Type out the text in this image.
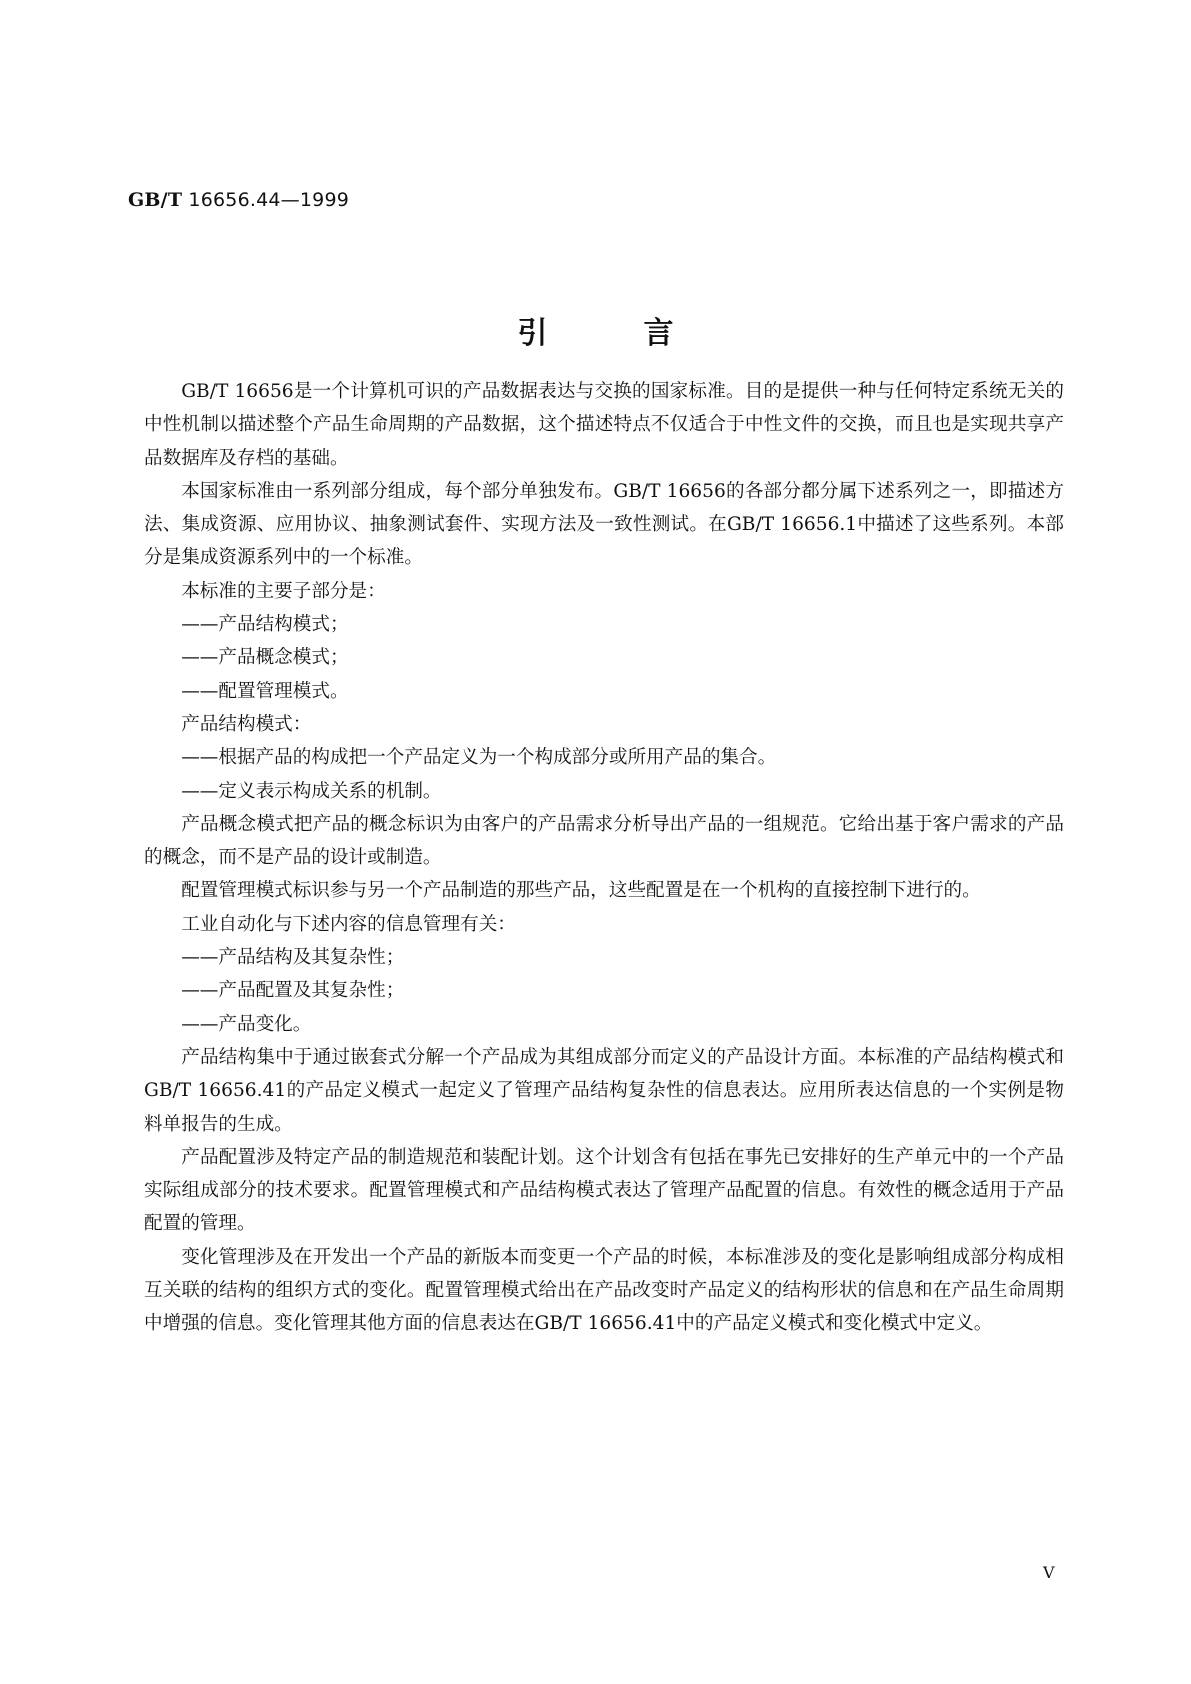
GB/T 16656.44—1999
引言

GB/T 16656是一个计算机可识的产品数据表达与交换的国家标准。目的是提供一种与任何特定系统无关的中性机制以描述整个产品生命周期的产品数据，这个描述特点不仅适合于中性文件的交换，而且也是实现共享产品数据库及存档的基础。

本国家标准由一系列部分组成，每个部分单独发布。GB/T 16656的各部分都分属下述系列之一，即描述方法、集成资源、应用协议、抽象测试套件、实现方法及一致性测试。在GB/T 16656.1中描述了这些系列。本部分是集成资源系列中的一个标准。

本标准的主要子部分是：

——产品结构模式；

——产品概念模式；

——配置管理模式。

产品结构模式：

——根据产品的构成把一个产品定义为一个构成部分或所用产品的集合。

——定义表示构成关系的机制。

产品概念模式把产品的概念标识为由客户的产品需求分析导出产品的一组规范。它给出基于客户需求的产品的概念，而不是产品的设计或制造。

配置管理模式标识参与另一个产品制造的那些产品，这些配置是在一个机构的直接控制下进行的。

工业自动化与下述内容的信息管理有关：

——产品结构及其复杂性；

——产品配置及其复杂性；

——产品变化。

产品结构集中于通过嵌套式分解一个产品成为其组成部分而定义的产品设计方面。本标准的产品结构模式和GB/T 16656.41的产品定义模式一起定义了管理产品结构复杂性的信息表达。应用所表达信息的一个实例是物料单报告的生成。

产品配置涉及特定产品的制造规范和装配计划。这个计划含有包括在事先已安排好的生产单元中的一个产品实际组成部分的技术要求。配置管理模式和产品结构模式表达了管理产品配置的信息。有效性的概念适用于产品配置的管理。

变化管理涉及在开发出一个产品的新版本而变更一个产品的时候，本标准涉及的变化是影响组成部分构成相互关联的结构的组织方式的变化。配置管理模式给出在产品改变时产品定义的结构形状的信息和在产品生命周期中增强的信息。变化管理其他方面的信息表达在GB/T 16656.41中的产品定义模式和变化模式中定义。

V
